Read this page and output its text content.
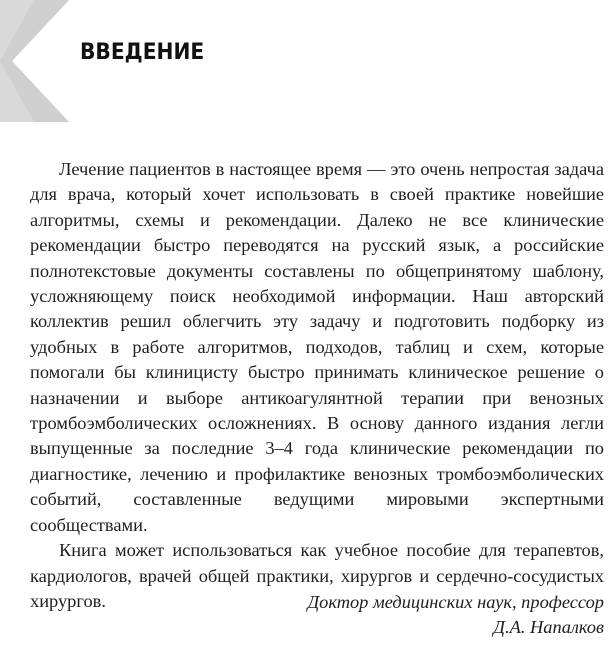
ВВЕДЕНИЕ

Лечение пациентов в настоящее время — это очень непростая задача для врача, который хочет использовать в своей практике новейшие алгоритмы, схемы и рекомендации. Далеко не все клинические рекомендации быстро переводятся на русский язык, а российские полнотекстовые документы составлены по общепринятому шаблону, усложняющему поиск необходимой информации. Наш авторский коллектив решил облегчить эту задачу и подготовить подборку из удобных в работе алгоритмов, подходов, таблиц и схем, которые помогали бы клиницисту быстро принимать клиническое решение о назначении и выборе антикоагулянтной терапии при венозных тромбоэмболических осложнениях. В основу данного издания легли выпущенные за последние 3–4 года клинические рекомендации по диагностике, лечению и профилактике венозных тромбоэмболических событий, составленные ведущими мировыми экспертными сообществами.

Книга может использоваться как учебное пособие для терапевтов, кардиологов, врачей общей практики, хирургов и сердечно-сосудистых хирургов.	Доктор медицинских наук, профессор
Д.А. Напалков
